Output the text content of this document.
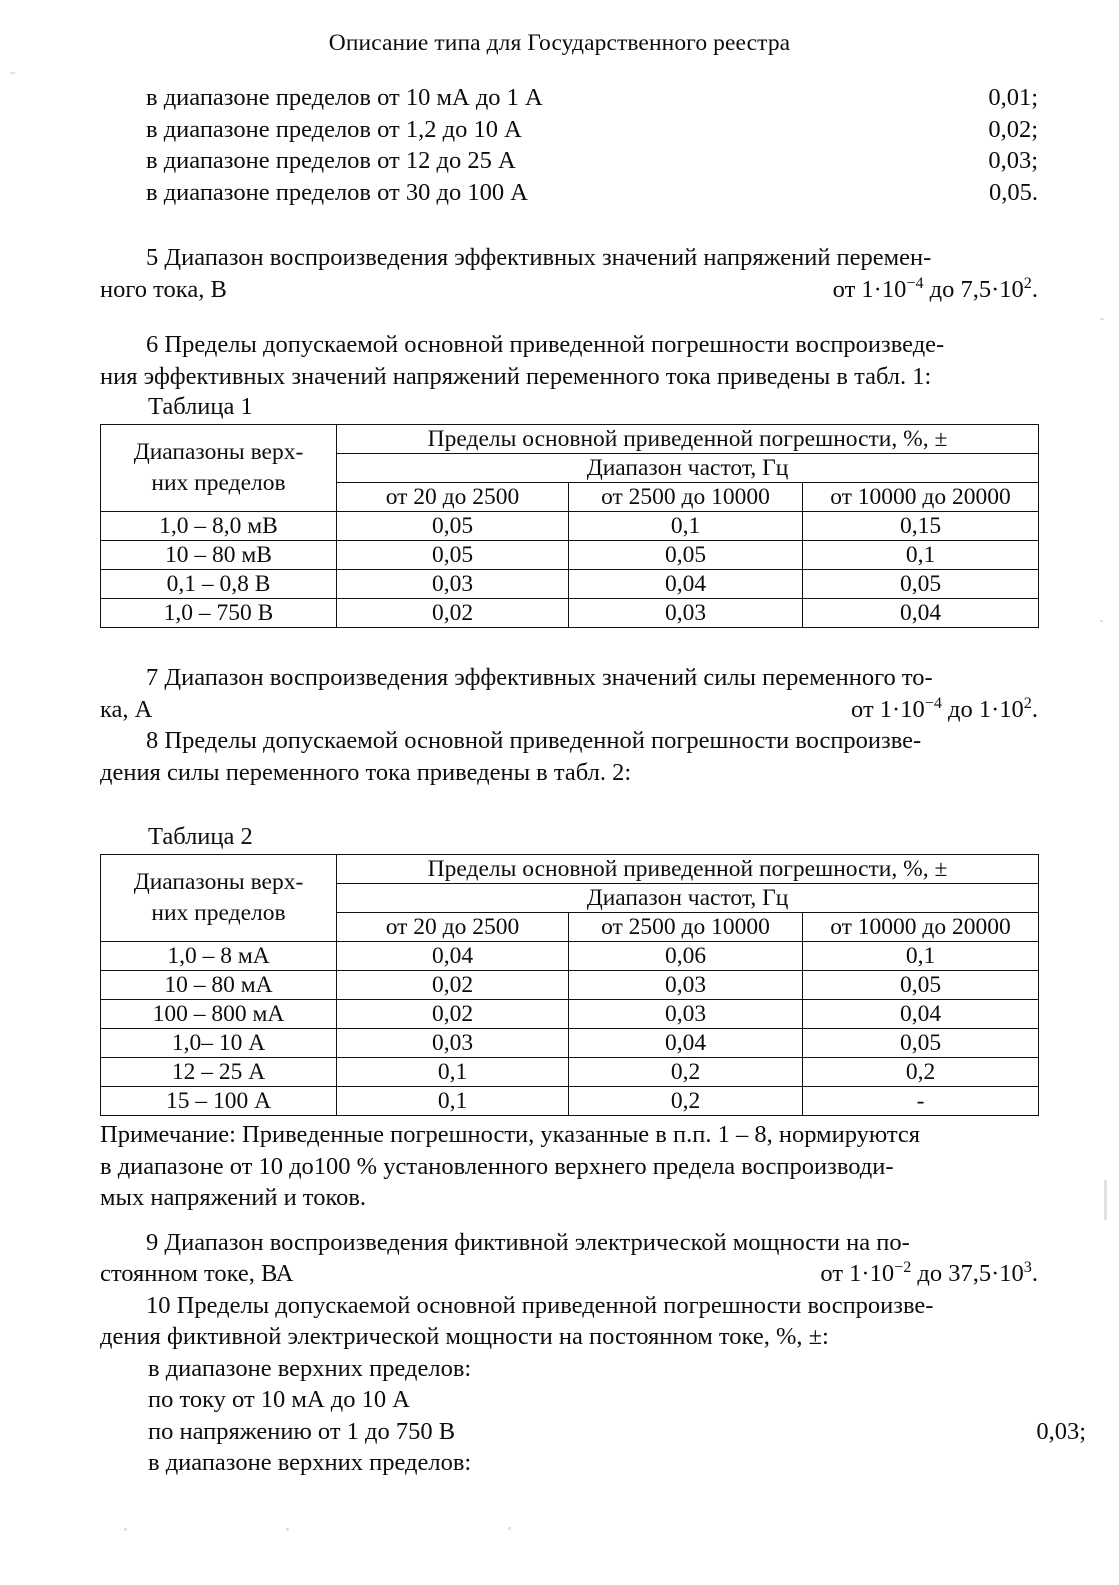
Описание типа для Государственного реестра
в диапазоне пределов от 10 мА до 1 А	0,01;
в диапазоне пределов от 1,2 до 10 А	0,02;
в диапазоне пределов от 12 до 25 А	0,03;
в диапазоне пределов от 30 до 100 А	0,05.
5 Диапазон воспроизведения эффективных значений напряжений перемен-
ного тока, В	от $1\cdot 10^{-4}$ до $7,5\cdot 10^2$.
6 Пределы допускаемой основной приведенной погрешности воспроизведе-
ния эффективных значений напряжений переменного тока приведены в табл. 1:
Таблица 1
Диапазоны верх-
них пределов	Пределы основной приведенной погрешности, %, ±		
	Диапазон частот, Гц		
	от 20 до 2500	от 2500 до 10000	от 10000 до 20000
1,0 – 8,0 мВ	0,05	0,1	0,15
10 – 80 мВ	0,05	0,05	0,1
0,1 – 0,8 В	0,03	0,04	0,05
1,0 – 750 В	0,02	0,03	0,04
7 Диапазон воспроизведения эффективных значений силы переменного то-
ка, А	от $1\cdot 10^{-4}$ до $1\cdot 10^2$.
8 Пределы допускаемой основной приведенной погрешности воспроизве-
дения силы переменного тока приведены в табл. 2:
Таблица 2
Диапазоны верх-
них пределов	Пределы основной приведенной погрешности, %, ±		
	Диапазон частот, Гц		
	от 20 до 2500	от 2500 до 10000	от 10000 до 20000
1,0 – 8 мА	0,04	0,06	0,1
10 – 80 мА	0,02	0,03	0,05
100 – 800 мА	0,02	0,03	0,04
1,0– 10 А	0,03	0,04	0,05
12 – 25 А	0,1	0,2	0,2
15 – 100 А	0,1	0,2	-
Примечание: Приведенные погрешности, указанные в п.п. 1 – 8, нормируются
в диапазоне от 10 до100 % установленного верхнего предела воспроизводи-
мых напряжений и токов.
9 Диапазон воспроизведения фиктивной электрической мощности на по-
стоянном токе, ВА	от $1\cdot 10^{-2}$ до $37,5\cdot 10^3$.
10 Пределы допускаемой основной приведенной погрешности воспроизве-
дения фиктивной электрической мощности на постоянном токе, %, ±:
в диапазоне верхних пределов:
по току от 10 мА до 10 А
по напряжению от 1 до 750 В	0,03;
в диапазоне верхних пределов:
